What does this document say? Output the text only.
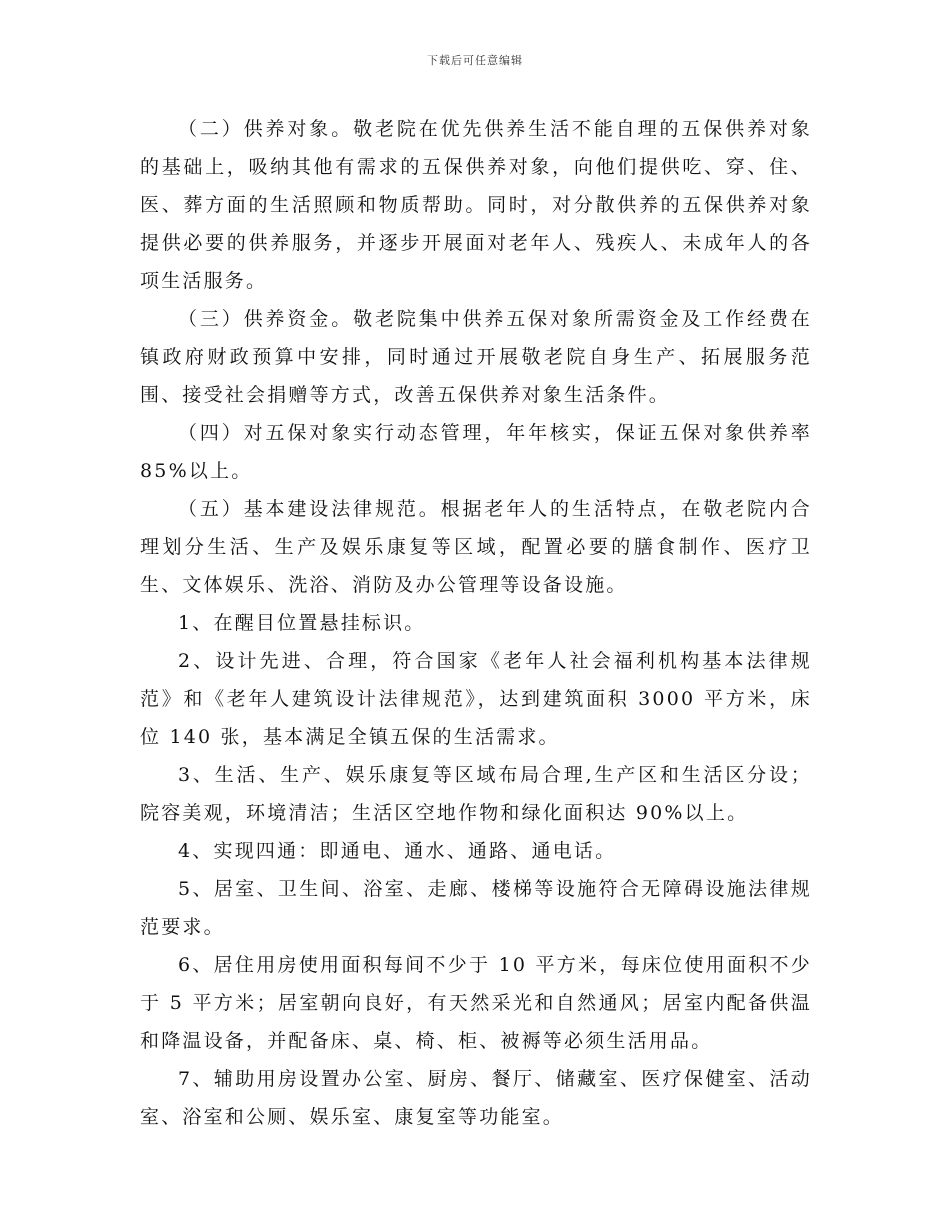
下载后可任意编辑

（二）供养对象。敬老院在优先供养生活不能自理的五保供养对象的基础上，吸纳其他有需求的五保供养对象，向他们提供吃、穿、住、医、葬方面的生活照顾和物质帮助。同时，对分散供养的五保供养对象提供必要的供养服务，并逐步开展面对老年人、残疾人、未成年人的各项生活服务。

（三）供养资金。敬老院集中供养五保对象所需资金及工作经费在镇政府财政预算中安排，同时通过开展敬老院自身生产、拓展服务范围、接受社会捐赠等方式，改善五保供养对象生活条件。

（四）对五保对象实行动态管理，年年核实，保证五保对象供养率 85%以上。

（五）基本建设法律规范。根据老年人的生活特点，在敬老院内合理划分生活、生产及娱乐康复等区域，配置必要的膳食制作、医疗卫生、文体娱乐、洗浴、消防及办公管理等设备设施。

1、在醒目位置悬挂标识。

2、设计先进、合理，符合国家《老年人社会福利机构基本法律规范》和《老年人建筑设计法律规范》，达到建筑面积 3000 平方米，床位 140 张，基本满足全镇五保的生活需求。

3、生活、生产、娱乐康复等区域布局合理,生产区和生活区分设；院容美观，环境清洁；生活区空地作物和绿化面积达 90%以上。

4、实现四通：即通电、通水、通路、通电话。

5、居室、卫生间、浴室、走廊、楼梯等设施符合无障碍设施法律规范要求。

6、居住用房使用面积每间不少于 10 平方米，每床位使用面积不少于 5 平方米；居室朝向良好，有天然采光和自然通风；居室内配备供温和降温设备，并配备床、桌、椅、柜、被褥等必须生活用品。

7、辅助用房设置办公室、厨房、餐厅、储藏室、医疗保健室、活动室、浴室和公厕、娱乐室、康复室等功能室。
